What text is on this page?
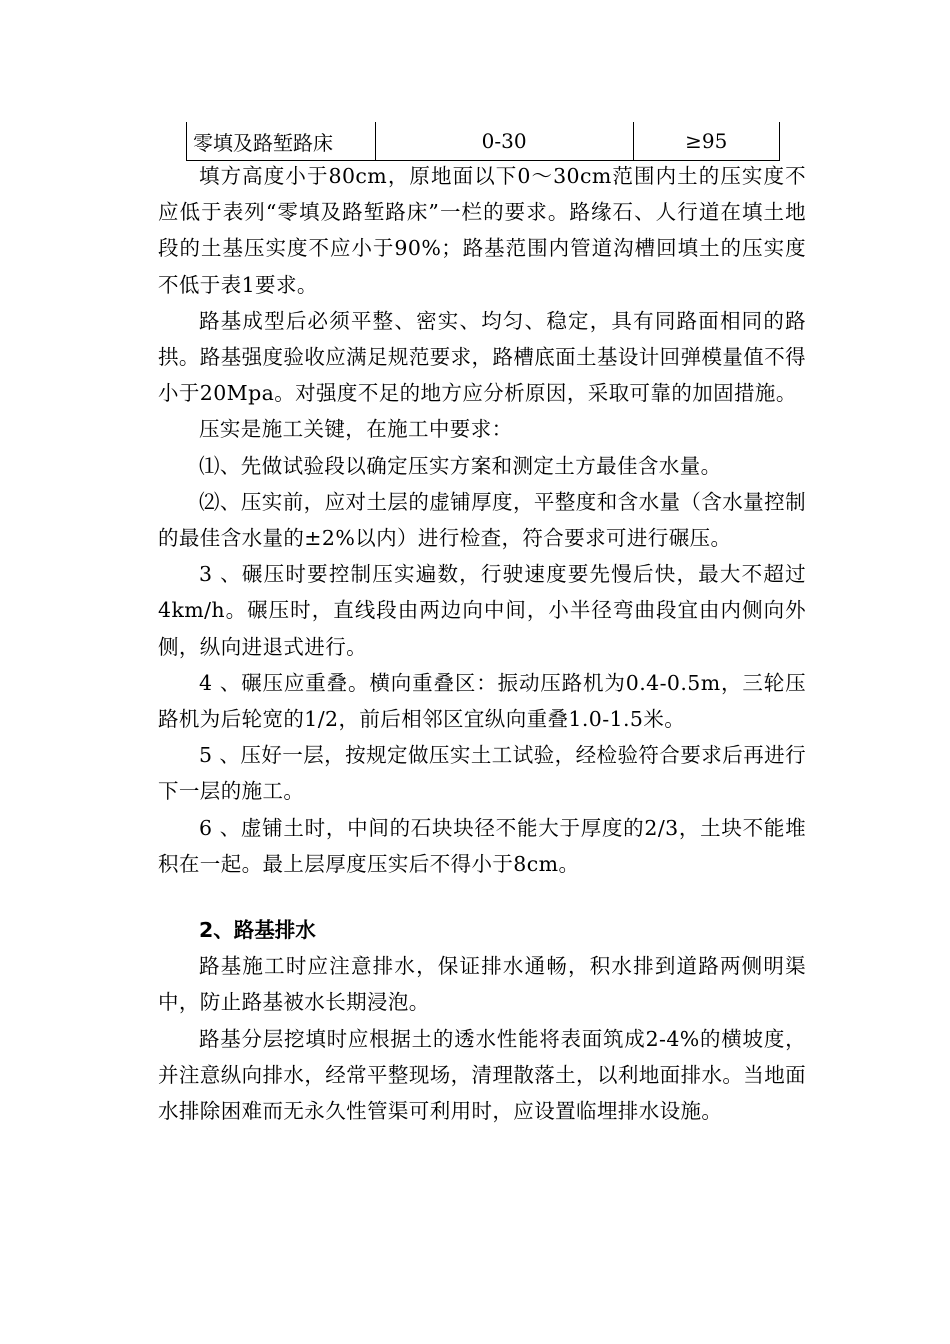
零填及路堑路床	0-30	≥95

填方高度小于80cm，原地面以下0～30cm范围内土的压实度不应低于表列“零填及路堑路床”一栏的要求。路缘石、人行道在填土地段的土基压实度不应小于90%；路基范围内管道沟槽回填土的压实度不低于表1要求。

路基成型后必须平整、密实、均匀、稳定，具有同路面相同的路拱。路基强度验收应满足规范要求，路槽底面土基设计回弹模量值不得小于20Mpa。对强度不足的地方应分析原因，采取可靠的加固措施。

压实是施工关键，在施工中要求：

⑴、先做试验段以确定压实方案和测定土方最佳含水量。

⑵、压实前，应对土层的虚铺厚度，平整度和含水量（含水量控制的最佳含水量的±2%以内）进行检查，符合要求可进行碾压。

3 、碾压时要控制压实遍数，行驶速度要先慢后快，最大不超过4km/h。碾压时，直线段由两边向中间，小半径弯曲段宜由内侧向外侧，纵向进退式进行。

4 、碾压应重叠。横向重叠区：振动压路机为0.4-0.5m，三轮压路机为后轮宽的1/2，前后相邻区宜纵向重叠1.0-1.5米。

5 、压好一层，按规定做压实土工试验，经检验符合要求后再进行下一层的施工。

6 、虚铺土时，中间的石块块径不能大于厚度的2/3，土块不能堆积在一起。最上层厚度压实后不得小于8cm。

2、路基排水

路基施工时应注意排水，保证排水通畅，积水排到道路两侧明渠中，防止路基被水长期浸泡。

路基分层挖填时应根据土的透水性能将表面筑成2-4%的横坡度，并注意纵向排水，经常平整现场，清理散落土，以利地面排水。当地面水排除困难而无永久性管渠可利用时，应设置临埋排水设施。
